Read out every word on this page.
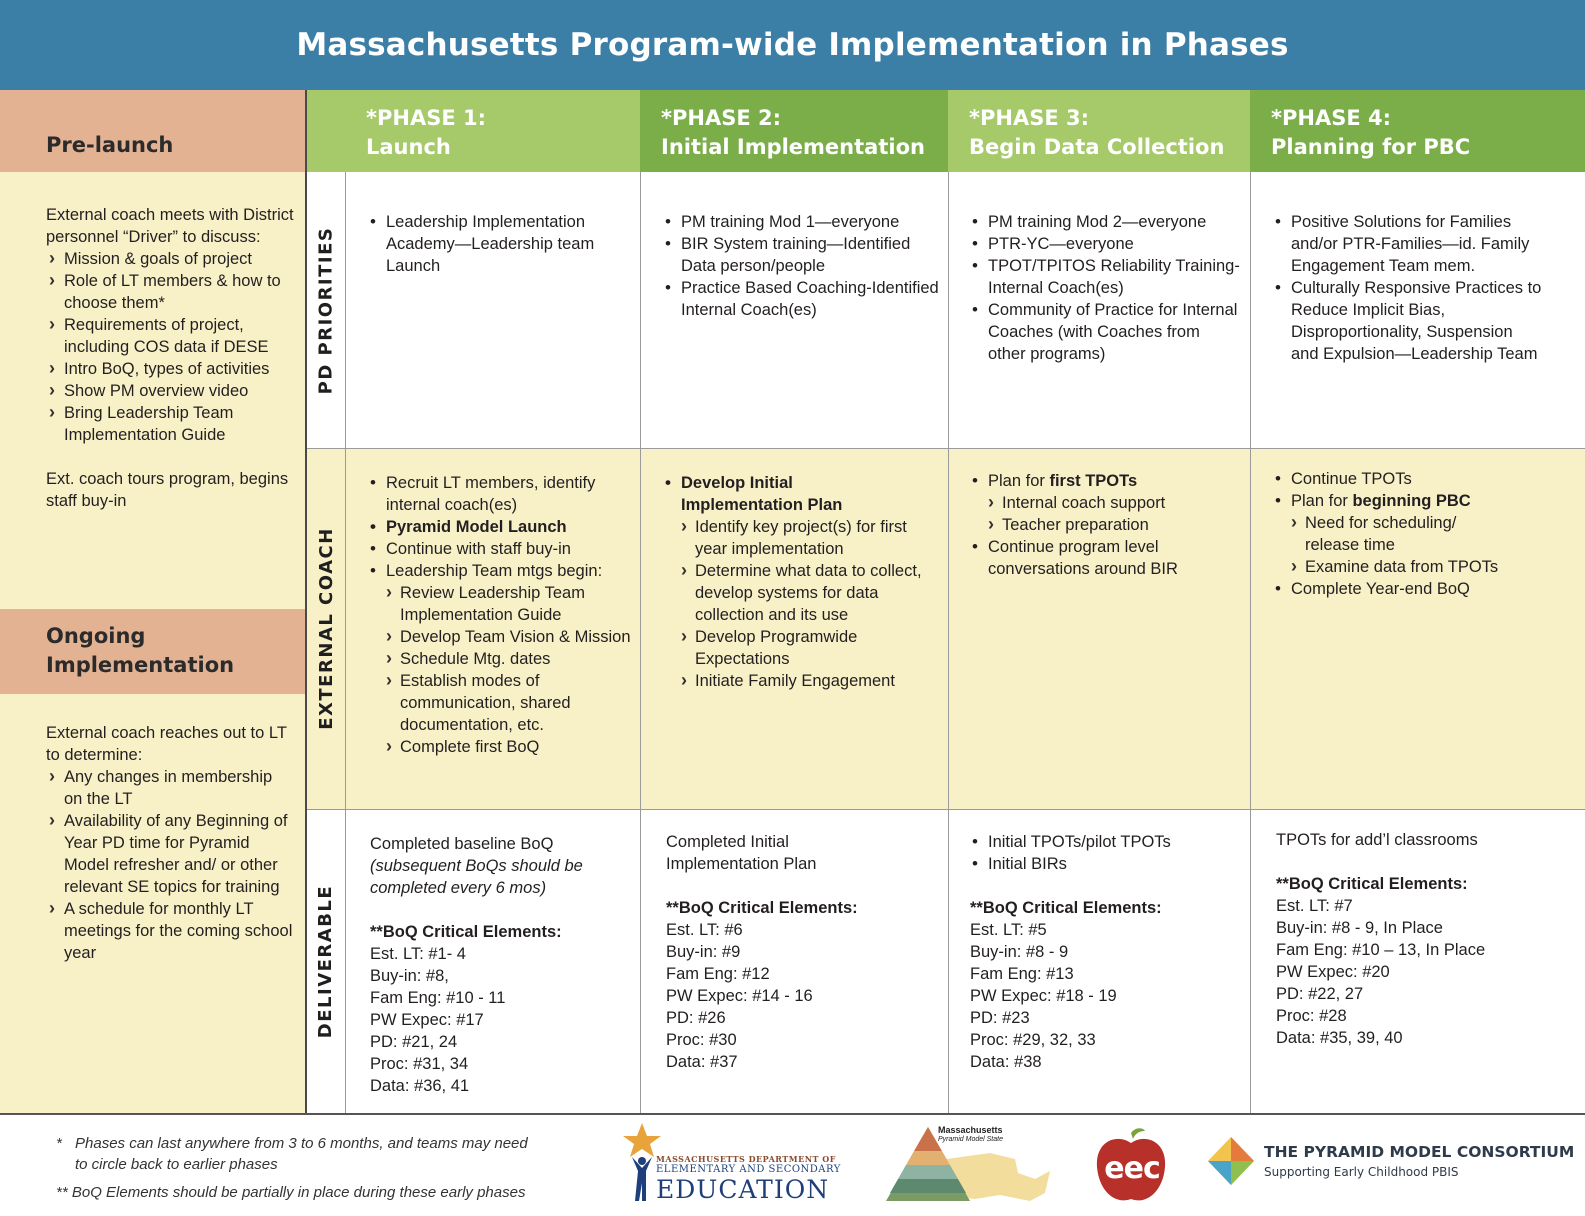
Massachusetts Program-wide Implementation in Phases
Pre-launch
External coach meets with District personnel “Driver” to discuss:
› Mission & goals of project
› Role of LT members & how to choose them*
› Requirements of project, including COS data if DESE
› Intro BoQ, types of activities
› Show PM overview video
› Bring Leadership Team Implementation Guide
Ext. coach tours program, begins staff buy-in
Ongoing Implementation
External coach reaches out to LT to determine:
› Any changes in membership on the LT
› Availability of any Beginning of Year PD time for Pyramid Model refresher and/ or other relevant SE topics for training
› A schedule for monthly LT meetings for the coming school year
*PHASE 1:
Launch
*PHASE 2:
Initial Implementation
*PHASE 3:
Begin Data Collection
*PHASE 4:
Planning for PBC
PD PRIORITIES
EXTERNAL COACH
DELIVERABLE
• Leadership Implementation Academy—Leadership team Launch
• PM training Mod 1—everyone
• BIR System training—Identified Data person/people
• Practice Based Coaching-Identified Internal Coach(es)
• PM training Mod 2—everyone
• PTR-YC—everyone
• TPOT/TPITOS Reliability Training- Internal Coach(es)
• Community of Practice for Internal Coaches (with Coaches from other programs)
• Positive Solutions for Families and/or PTR-Families—id. Family Engagement Team mem.
• Culturally Responsive Practices to Reduce Implicit Bias, Disproportionality, Suspension and Expulsion—Leadership Team
• Recruit LT members, identify internal coach(es)
• Pyramid Model Launch
• Continue with staff buy-in
• Leadership Team mtgs begin:
› Review Leadership Team Implementation Guide
› Develop Team Vision & Mission
› Schedule Mtg. dates
› Establish modes of communication, shared documentation, etc.
› Complete first BoQ
• Develop Initial Implementation Plan
› Identify key project(s) for first year implementation
› Determine what data to collect, develop systems for data collection and its use
› Develop Programwide Expectations
› Initiate Family Engagement
• Plan for first TPOTs
› Internal coach support
› Teacher preparation
• Continue program level conversations around BIR
• Continue TPOTs
• Plan for beginning PBC
› Need for scheduling/ release time
› Examine data from TPOTs
• Complete Year-end BoQ
Completed baseline BoQ
(subsequent BoQs should be completed every 6 mos)
**BoQ Critical Elements:
Est. LT: #1- 4
Buy-in: #8,
Fam Eng: #10 - 11
PW Expec: #17
PD: #21, 24
Proc: #31, 34
Data: #36, 41
Completed Initial Implementation Plan
**BoQ Critical Elements:
Est. LT: #6
Buy-in: #9
Fam Eng: #12
PW Expec: #14 - 16
PD: #26
Proc: #30
Data: #37
• Initial TPOTs/pilot TPOTs
• Initial BIRs
**BoQ Critical Elements:
Est. LT: #5
Buy-in: #8 - 9
Fam Eng: #13
PW Expec: #18 - 19
PD: #23
Proc: #29, 32, 33
Data: #38
TPOTs for add’l classrooms
**BoQ Critical Elements:
Est. LT: #7
Buy-in: #8 - 9, In Place
Fam Eng: #10 – 13, In Place
PW Expec: #20
PD: #22, 27
Proc: #28
Data: #35, 39, 40
* Phases can last anywhere from 3 to 6 months, and teams may need
to circle back to earlier phases
** BoQ Elements should be partially in place during these early phases
MASSACHUSETTS DEPARTMENT OF
ELEMENTARY AND SECONDARY
EDUCATION
Massachusetts
Pyramid Model State
eec	THE PYRAMID MODEL CONSORTIUM
Supporting Early Childhood PBIS
